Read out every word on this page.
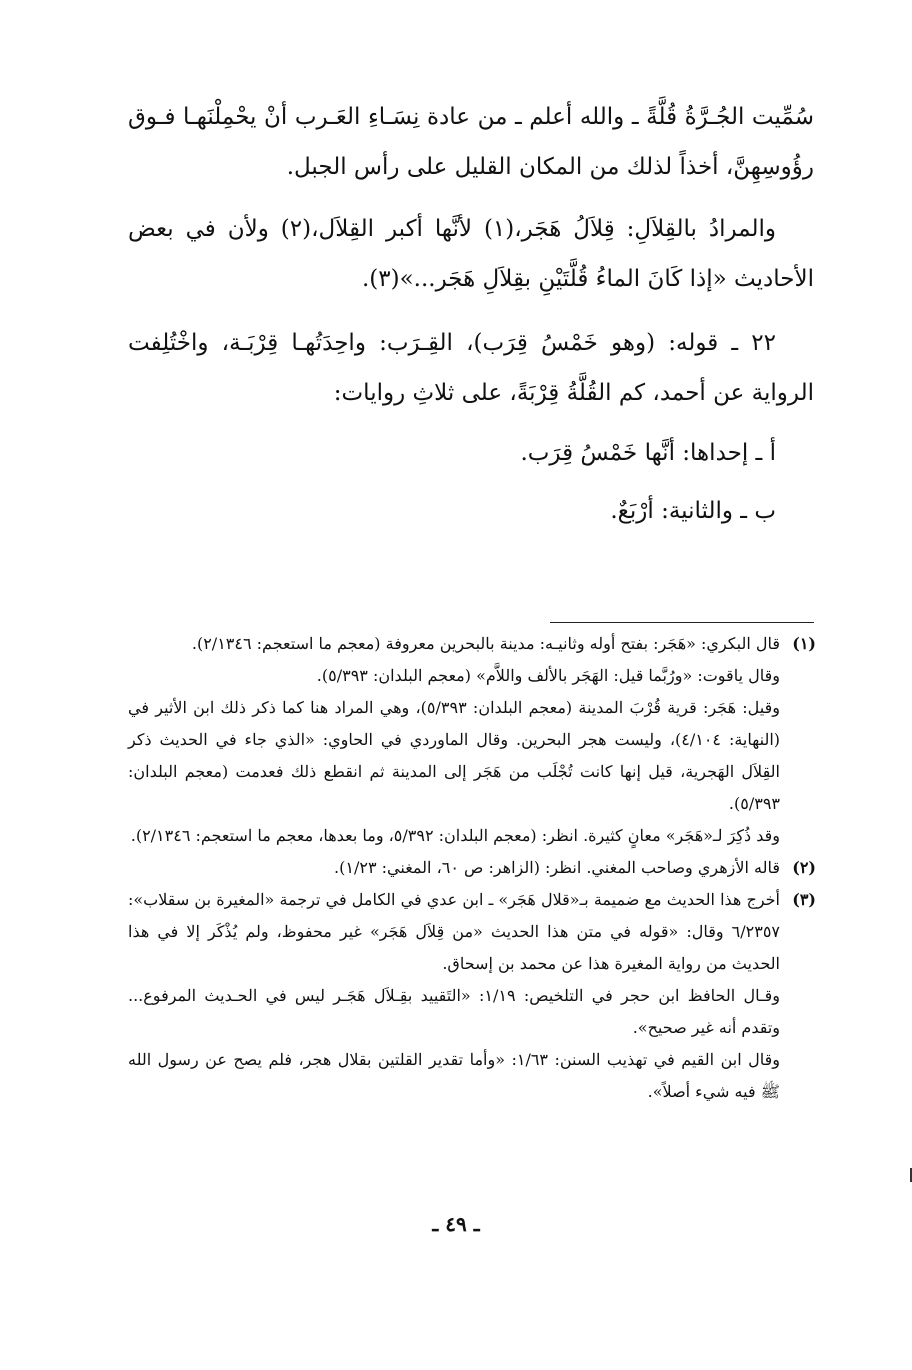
سُمِّيت الجُـرَّةُ قُلَّةً ـ والله أعلم ـ من عادة نِسَـاءِ العَـرب أنْ يحْمِلْنَهـا فـوق رؤُوسِهِنَّ، أخذاً لذلك من المكان القليل على رأس الجبل.

والمرادُ بالقِلاَلِ: قِلاَلُ هَجَر،(١) لأنَّها أكبر القِلاَل،(٢) ولأن في بعض الأحاديث «إذا كَانَ الماءُ قُلَّتَيْنِ بقِلاَلِ هَجَر...»(٣).

٢٢ ـ قوله: (وهو خَمْسُ قِرَب)، القِـرَب: واحِدَتُهـا قِرْبَـة، واخْتُلِفت الرواية عن أحمد، كم القُلَّةُ قِرْبَةً، على ثلاثِ روايات:

أ ـ إحداها: أنَّها خَمْسُ قِرَب.

ب ـ والثانية: أرْبَعٌ.

(١)

قال البكري: «هَجَر: بفتح أوله وثانيـه: مدينة بالبحرين معروفة (معجم ما استعجم: ٢/١٣٤٦).

وقال ياقوت: «ورُبَّما قيل: الهَجَر بالألف واللاَّم» (معجم البلدان: ٥/٣٩٣).

وقيل: هَجَر: قرية قُرْبَ المدينة (معجم البلدان: ٥/٣٩٣)، وهي المراد هنا كما ذكر ذلك ابن الأثير في (النهاية: ٤/١٠٤)، وليست هجر البحرين. وقال الماوردي في الحاوي: «الذي جاء في الحديث ذكر القِلاَل الهَجرية، قيل إنها كانت تُجْلَب من هَجَر إلى المدينة ثم انقطع ذلك فعدمت (معجم البلدان: ٥/٣٩٣).

وقد ذُكِرَ لـ«هَجَر» معانٍ كثيرة. انظر: (معجم البلدان: ٥/٣٩٢، وما بعدها، معجم ما استعجم: ٢/١٣٤٦).

(٢)

قاله الأزهري وصاحب المغني. انظر: (الزاهر: ص ٦٠، المغني: ١/٢٣).

(٣)

أخرج هذا الحديث مع ضميمة بـ«قلال هَجَر» ـ ابن عدي في الكامل في ترجمة «المغيرة بن سقلاب»: ٦/٢٣٥٧ وقال: «قوله في متن هذا الحديث «من قِلاَل هَجَر» غير محفوظ، ولم يُذْكَر إلا في هذا الحديث من رواية المغيرة هذا عن محمد بن إسحاق.

وقـال الحافظ ابن حجر في التلخيص: ١/١٩: «التَقييد بقِـلاَل هَجَـر ليس في الحـديث المرفوع... وتقدم أنه غير صحيح».

وقال ابن القيم في تهذيب السنن: ١/٦٣: «وأما تقدير القلتين بقلال هجر، فلم يصح عن رسول الله ﷺ فيه شيء أصلاً».

ـ ٤٩ ـ
